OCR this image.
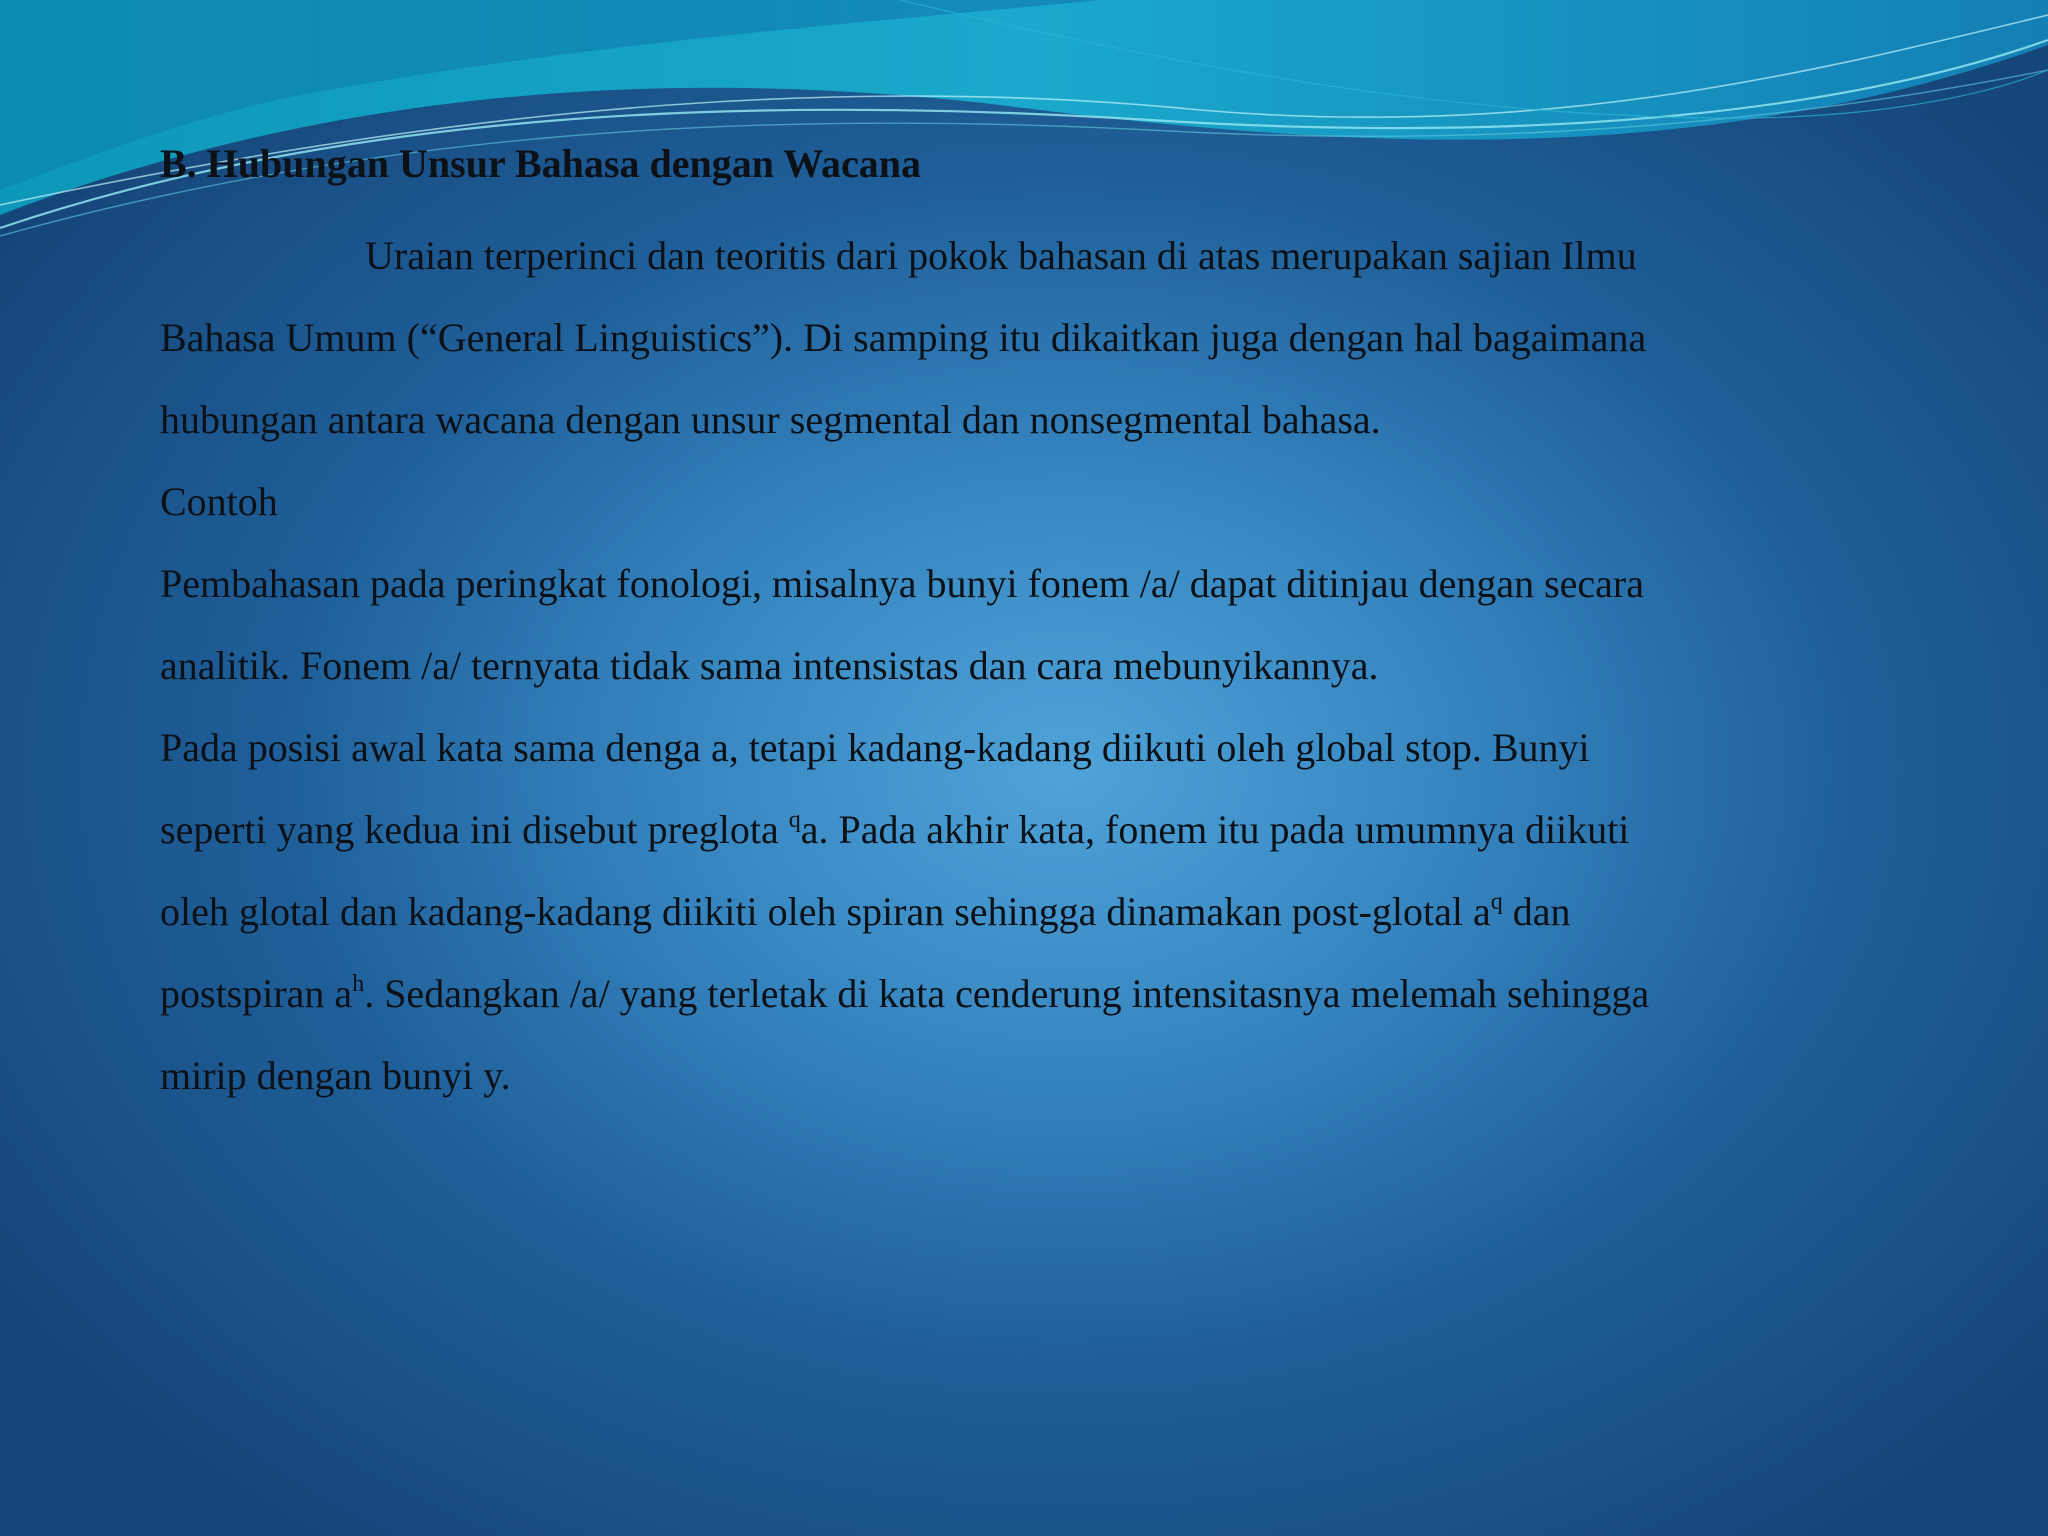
B. Hubungan Unsur Bahasa dengan Wacana

Uraian terperinci dan teoritis dari pokok bahasan di atas merupakan sajian Ilmu

Bahasa Umum (“General Linguistics”). Di samping itu dikaitkan juga dengan hal bagaimana

hubungan antara wacana dengan unsur segmental dan nonsegmental bahasa.

Contoh

Pembahasan pada peringkat fonologi, misalnya bunyi fonem /a/ dapat ditinjau dengan secara

analitik. Fonem /a/ ternyata tidak sama intensistas dan cara mebunyikannya.

Pada posisi awal kata sama denga a, tetapi kadang-kadang diikuti oleh global stop. Bunyi

seperti yang kedua ini disebut preglota $^q$a. Pada akhir kata, fonem itu pada umumnya diikuti

oleh glotal dan kadang-kadang diikiti oleh spiran sehingga dinamakan post-glotal $a^q$ dan

postspiran $a^h$. Sedangkan /a/ yang terletak di kata cenderung intensitasnya melemah sehingga

mirip dengan bunyi y.
